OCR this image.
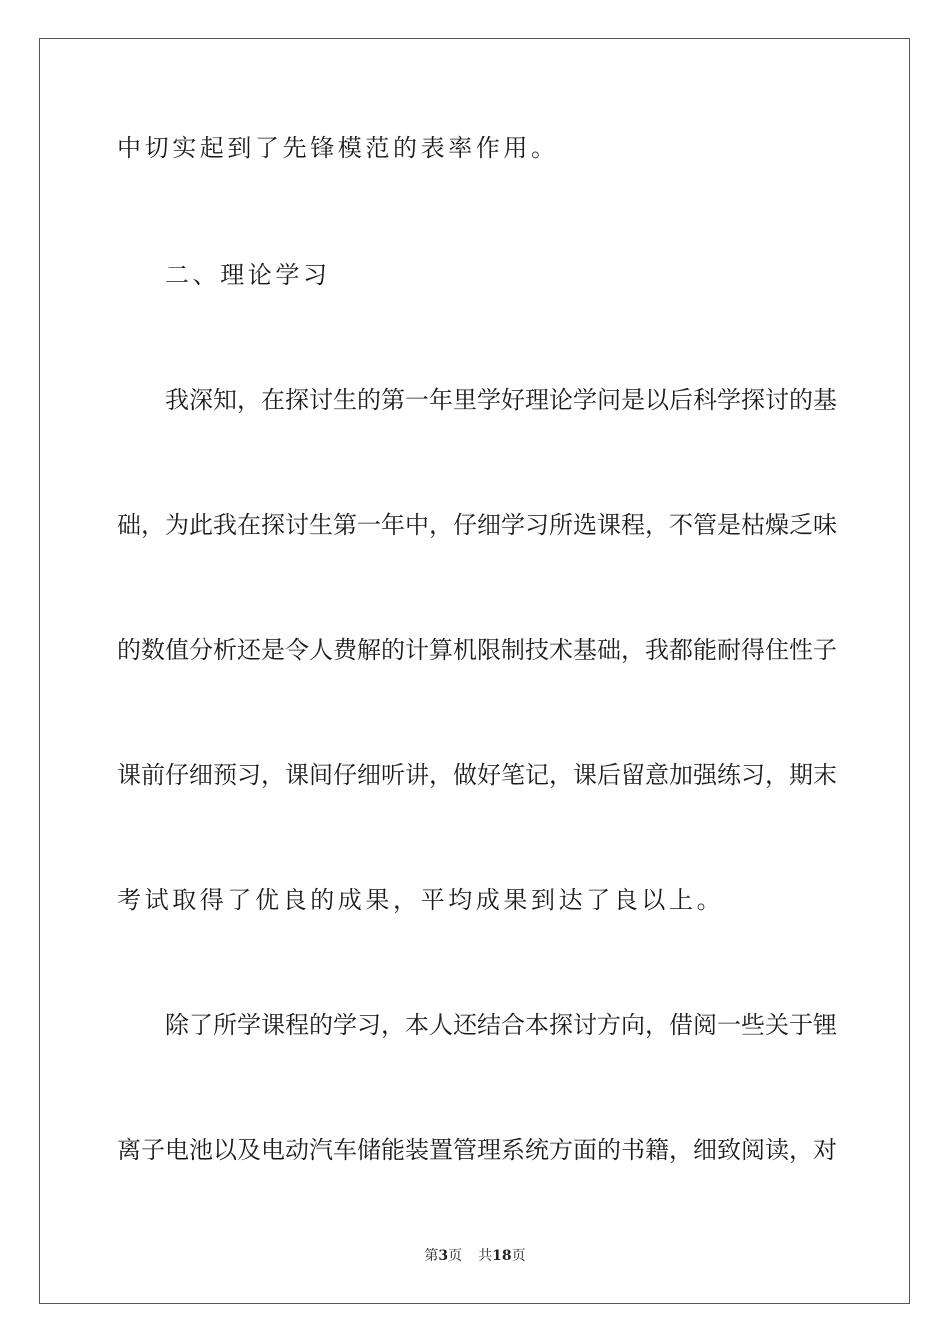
中切实起到了先锋模范的表率作用。
二、理论学习
我深知，在探讨生的第一年里学好理论学问是以后科学探讨的基
础，为此我在探讨生第一年中，仔细学习所选课程，不管是枯燥乏味
的数值分析还是令人费解的计算机限制技术基础，我都能耐得住性子
课前仔细预习，课间仔细听讲，做好笔记，课后留意加强练习，期末
考试取得了优良的成果，平均成果到达了良以上。
除了所学课程的学习，本人还结合本探讨方向，借阅一些关于锂
离子电池以及电动汽车储能装置管理系统方面的书籍，细致阅读，对
第3页 共18页
